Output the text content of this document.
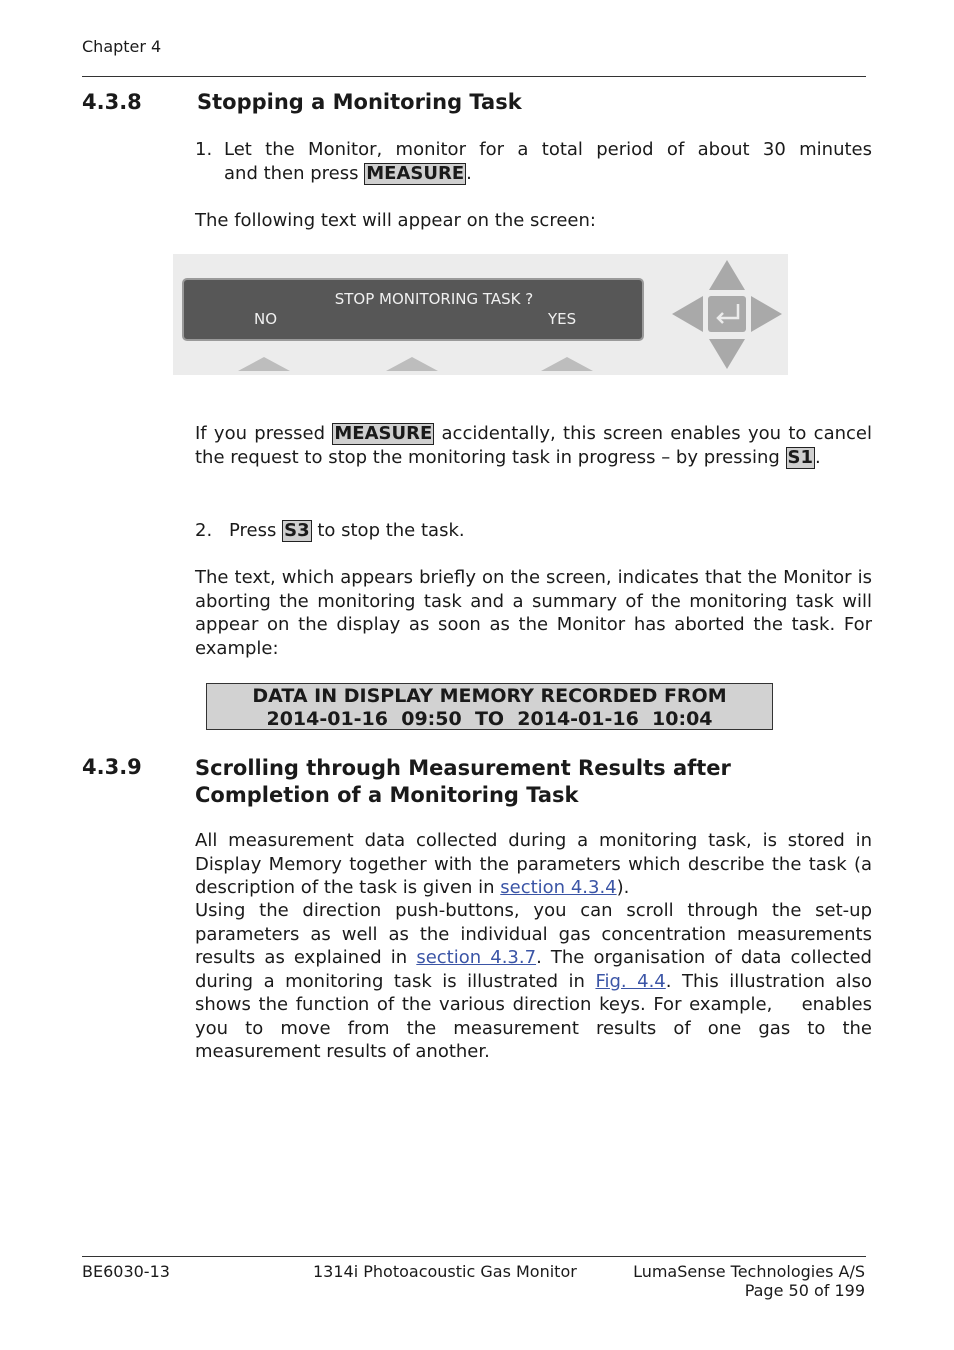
Chapter 4
4.3.8	Stopping a Monitoring Task
1. Let the Monitor, monitor for a total period of about 30 minutes
and then press MEASURE .
The following text will appear on the screen:
STOP MONITORING TASK ?
NO	YES
If you pressed MEASURE accidentally, this screen enables you to cancel the request to stop the monitoring task in progress – by pressing S1 .
2. Press S3 to stop the task.
The text, which appears briefly on the screen, indicates that the Monitor is aborting the monitoring task and a summary of the monitoring task will appear on the display as soon as the Monitor has aborted the task. For example:
DATA IN DISPLAY MEMORY RECORDED FROM
2014-01-16  09:50  TO  2014-01-16  10:04
4.3.9	Scrolling through Measurement Results after
Completion of a Monitoring Task
All measurement data collected during a monitoring task, is stored in Display Memory together with the parameters which describe the task (a description of the task is given in section 4.3.4).
Using the direction push-buttons, you can scroll through the set-up parameters as well as the individual gas concentration measurements results as explained in section 4.3.7. The organisation of data collected during a monitoring task is illustrated in Fig. 4.4. This illustration also shows the function of the various direction keys. For example,  enables you to move from the measurement results of one gas to the measurement results of another.
BE6030-13	1314i Photoacoustic Gas Monitor	LumaSense Technologies A/S
Page 50 of 199
